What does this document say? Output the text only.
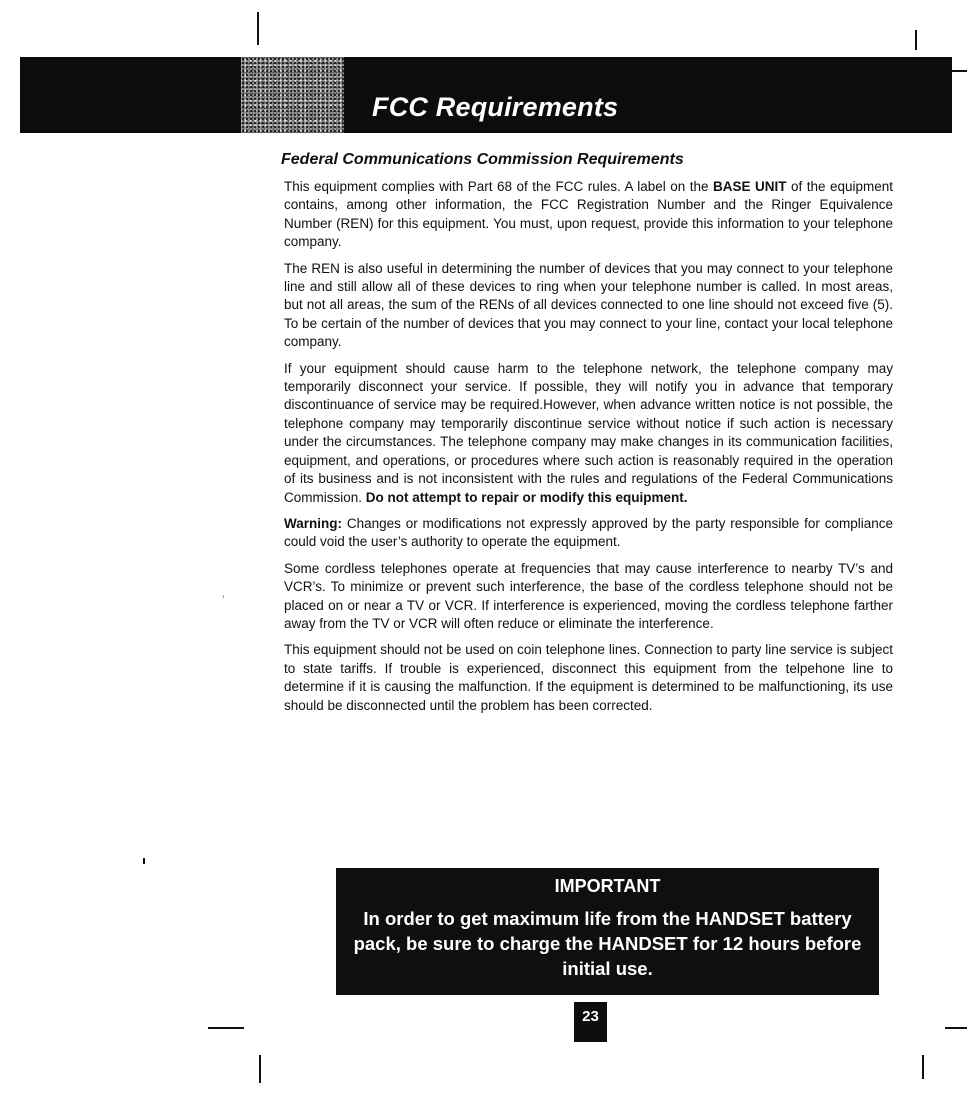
’
FCC Requirements
Federal Communications Commission Requirements

This equipment complies with Part 68 of the FCC rules. A label on the BASE UNIT of the equipment contains, among other information, the FCC Registration Number and the Ringer Equivalence Number (REN) for this equipment. You must, upon request, provide this information to your telephone company.

The REN is also useful in determining the number of devices that you may connect to your telephone line and still allow all of these devices to ring when your telephone number is called. In most areas, but not all areas, the sum of the RENs of all devices connected to one line should not exceed five (5). To be certain of the number of devices that you may connect to your line, contact your local telephone company.

If your equipment should cause harm to the telephone network, the telephone company may temporarily disconnect your service. If possible, they will notify you in advance that temporary discontinuance of service may be required.However, when advance written notice is not possible, the telephone company may temporarily discontinue service without notice if such action is necessary under the circumstances. The telephone company may make changes in its communication facilities, equipment, and operations, or procedures where such action is reasonably required in the operation of its business and is not inconsistent with the rules and regulations of the Federal Communications Commission. Do not attempt to repair or modify this equipment.

Warning: Changes or modifications not expressly approved by the party responsible for compliance could void the user’s authority to operate the equipment.

Some cordless telephones operate at frequencies that may cause interference to nearby TV’s and VCR’s. To minimize or prevent such interference, the base of the cordless telephone should not be placed on or near a TV or VCR. If interference is experienced, moving the cordless telephone farther away from the TV or VCR will often reduce or eliminate the interference.

This equipment should not be used on coin telephone lines. Connection to party line service is subject to state tariffs. If trouble is experienced, disconnect this equipment from the telpehone line to determine if it is causing the malfunction. If the equipment is determined to be malfunctioning, its use should be disconnected until the problem has been corrected.

IMPORTANT
In order to get maximum life from the HANDSET battery pack, be sure to charge the HANDSET for 12 hours before initial use.
23
